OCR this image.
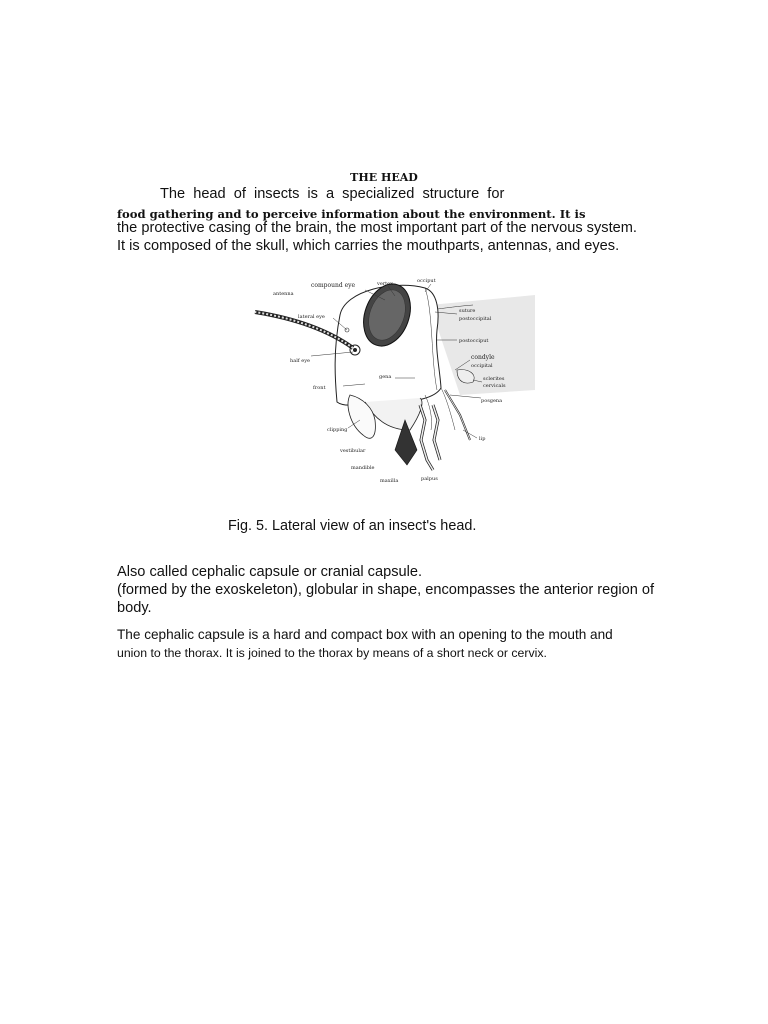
THE HEAD
The head of insects is a specialized structure for
food gathering and to perceive information about the environment. It is
the protective casing of the brain, the most important part of the nervous system.
It is composed of the skull, which carries the mouthparts, antennas, and eyes.
compound eye	vertex	occiput
antenna
lateral eye
suture
postoccipital
postocciput
condyle
occipital
half eye
gena	sclerites
cervicals
front
posgena
clipping
lip
vestibular
mandible
maxilla	palpus
Fig. 5. Lateral view of an insect's head.
Also called cephalic capsule or cranial capsule.
(formed by the exoskeleton), globular in shape, encompasses the anterior region of
body.
The cephalic capsule is a hard and compact box with an opening to the mouth and
union to the thorax. It is joined to the thorax by means of a short neck or cervix.
